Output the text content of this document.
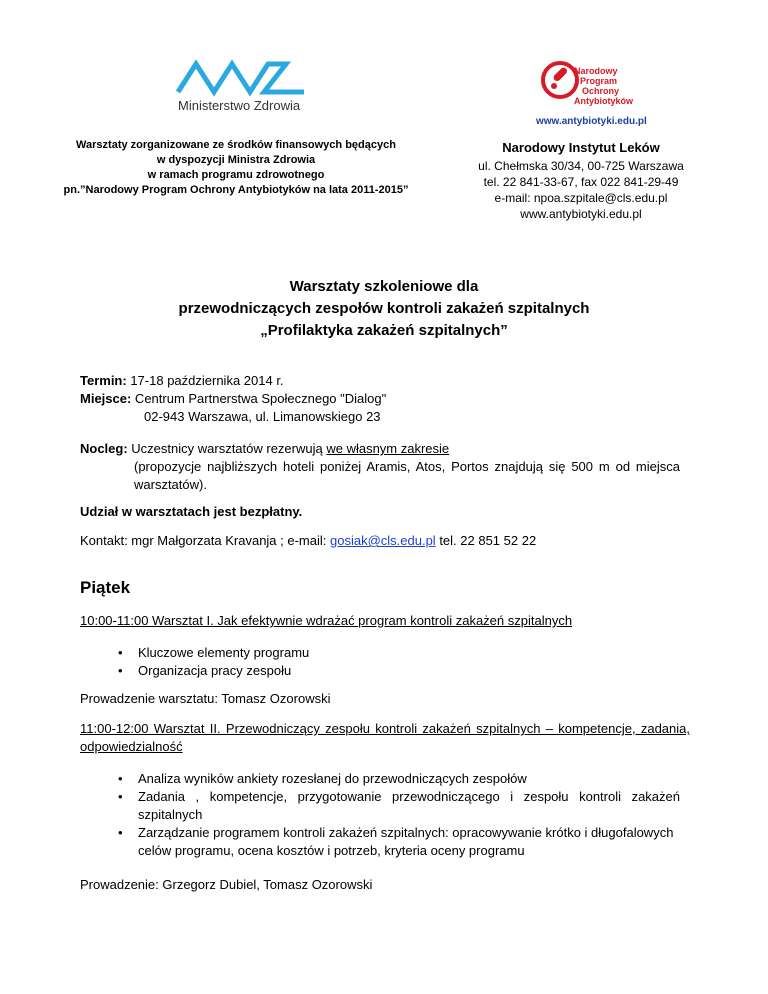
Ministerstwo Zdrowia
Narodowy
Program
Ochrony
Antybiotyków
www.antybiotyki.edu.pl
Warsztaty zorganizowane ze środków finansowych będących
w dyspozycji Ministra Zdrowia
w ramach programu zdrowotnego
pn.”Narodowy Program Ochrony Antybiotyków na lata 2011-2015”
Narodowy Instytut Leków
ul. Chełmska 30/34, 00-725 Warszawa
tel. 22 841-33-67, fax 022 841-29-49
e-mail: npoa.szpitale@cls.edu.pl
www.antybiotyki.edu.pl
Warsztaty szkoleniowe dla
przewodniczących zespołów kontroli zakażeń szpitalnych
„Profilaktyka zakażeń szpitalnych”
Termin: 17-18 października 2014 r.
Miejsce: Centrum Partnerstwa Społecznego "Dialog"
02-943 Warszawa, ul. Limanowskiego 23
Nocleg: Uczestnicy warsztatów rezerwują we własnym zakresie
(propozycje najbliższych hoteli poniżej Aramis, Atos, Portos znajdują się 500 m od miejsca warsztatów).
Udział w warsztatach jest bezpłatny.
Kontakt: mgr Małgorzata Kravanja ; e-mail: gosiak@cls.edu.pl tel. 22 851 52 22
Piątek
10:00-11:00 Warsztat I. Jak efektywnie wdrażać program kontroli zakażeń szpitalnych
• Kluczowe elementy programu
• Organizacja pracy zespołu
Prowadzenie warsztatu: Tomasz Ozorowski
11:00-12:00 Warsztat II. Przewodniczący zespołu kontroli zakażeń szpitalnych – kompetencje, zadania, odpowiedzialność
• Analiza wyników ankiety rozesłanej do przewodniczących zespołów
• Zadania , kompetencje, przygotowanie przewodniczącego i zespołu kontroli zakażeń szpitalnych
• Zarządzanie programem kontroli zakażeń szpitalnych: opracowywanie krótko i długofalowych celów programu, ocena kosztów i potrzeb, kryteria oceny programu
Prowadzenie: Grzegorz Dubiel, Tomasz Ozorowski
